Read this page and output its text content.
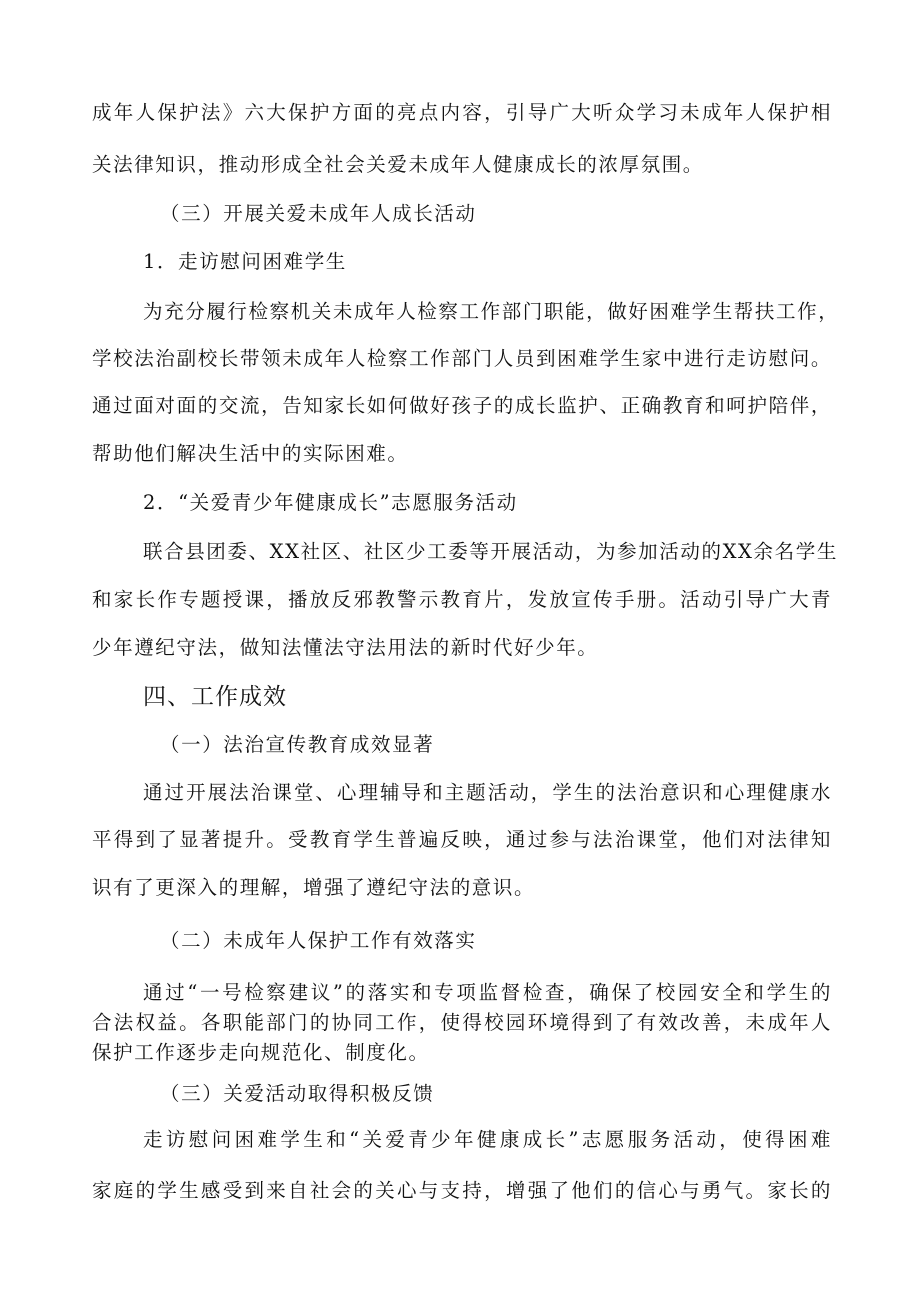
成年人保护法》六大保护方面的亮点内容，引导广大听众学习未成年人保护相
关法律知识，推动形成全社会关爱未成年人健康成长的浓厚氛围。
（三）开展关爱未成年人成长活动
1．走访慰问困难学生
为充分履行检察机关未成年人检察工作部门职能，做好困难学生帮扶工作，
学校法治副校长带领未成年人检察工作部门人员到困难学生家中进行走访慰问。
通过面对面的交流，告知家长如何做好孩子的成长监护、正确教育和呵护陪伴，
帮助他们解决生活中的实际困难。
2．“关爱青少年健康成长”志愿服务活动
联合县团委、XX社区、社区少工委等开展活动，为参加活动的XX余名学生
和家长作专题授课，播放反邪教警示教育片，发放宣传手册。活动引导广大青
少年遵纪守法，做知法懂法守法用法的新时代好少年。
四、工作成效
（一）法治宣传教育成效显著
通过开展法治课堂、心理辅导和主题活动，学生的法治意识和心理健康水
平得到了显著提升。受教育学生普遍反映，通过参与法治课堂，他们对法律知
识有了更深入的理解，增强了遵纪守法的意识。
（二）未成年人保护工作有效落实
通过“一号检察建议”的落实和专项监督检查，确保了校园安全和学生的
合法权益。各职能部门的协同工作，使得校园环境得到了有效改善，未成年人
保护工作逐步走向规范化、制度化。
（三）关爱活动取得积极反馈
走访慰问困难学生和“关爱青少年健康成长”志愿服务活动，使得困难
家庭的学生感受到来自社会的关心与支持，增强了他们的信心与勇气。家长的
